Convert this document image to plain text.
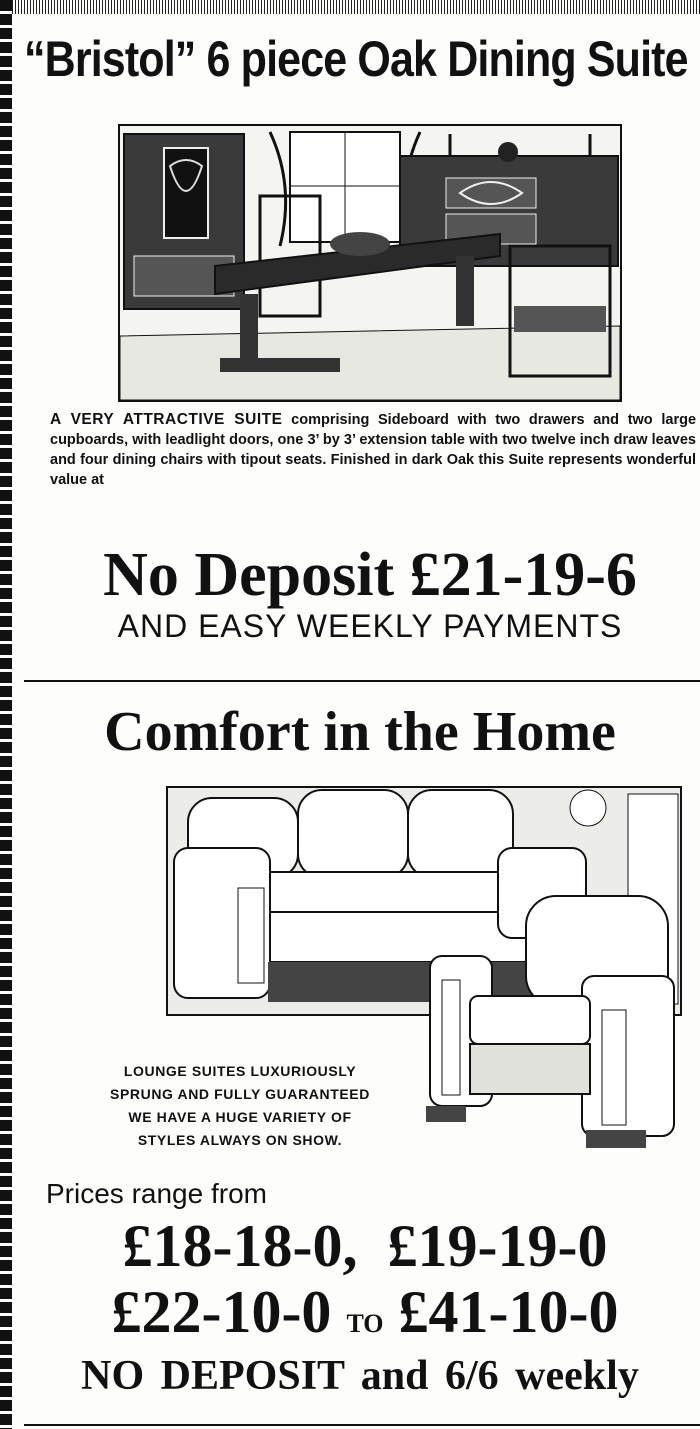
“Bristol” 6 piece Oak Dining Suite

A VERY ATTRACTIVE SUITE comprising Sideboard with two drawers and two large cupboards, with leadlight doors, one 3’ by 3’ extension table with two twelve inch draw leaves and four dining chairs with tipout seats. Finished in dark Oak this Suite represents wonderful value at

No Deposit £21-19-6
AND EASY WEEKLY PAYMENTS
Comfort in the Home
LOUNGE SUITES LUXURIOUSLY
SPRUNG AND FULLY GUARANTEED
WE HAVE A HUGE VARIETY OF
STYLES ALWAYS ON SHOW.
Prices range from
£18-18-0, £19-19-0
£22-10-0 TO £41-10-0
NO DEPOSIT and 6/6 weekly
